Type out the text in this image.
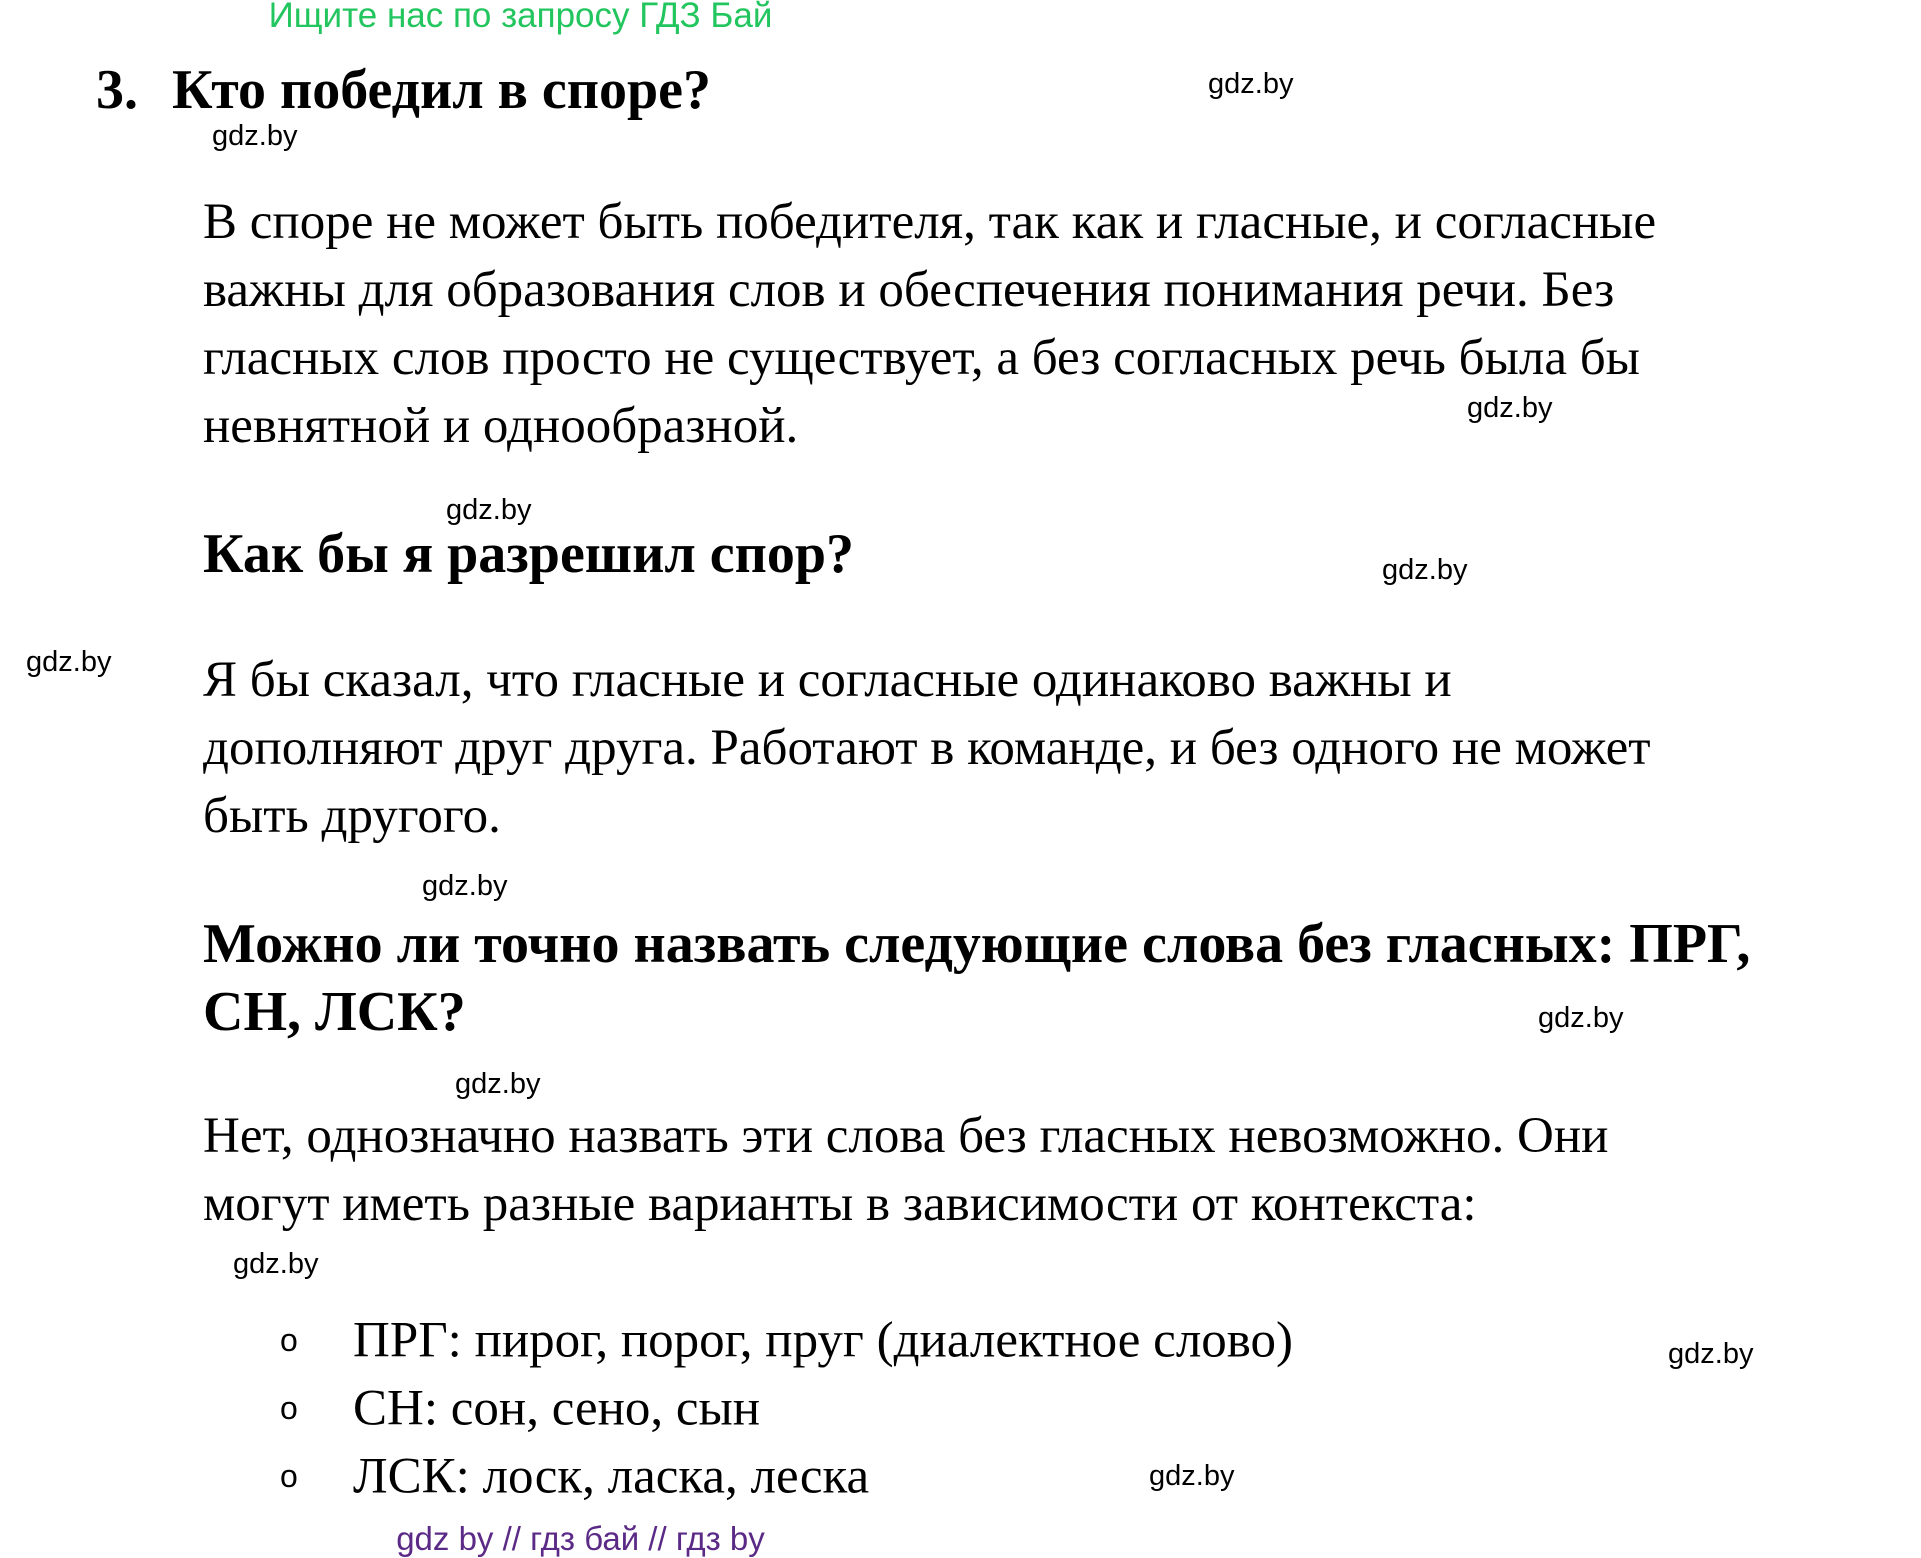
Ищите нас по запросу ГДЗ Бай
3. Кто победил в споре?
В споре не может быть победителя, так как и гласные, и согласные
важны для образования слов и обеспечения понимания речи. Без
гласных слов просто не существует, а без согласных речь была бы
невнятной и однообразной.
Как бы я разрешил спор?
Я бы сказал, что гласные и согласные одинаково важны и
дополняют друг друга. Работают в команде, и без одного не может
быть другого.
Можно ли точно назвать следующие слова без гласных: ПРГ,
СН, ЛСК?
Нет, однозначно назвать эти слова без гласных невозможно. Они
могут иметь разные варианты в зависимости от контекста:
o ПРГ: пирог, порог, пруг (диалектное слово)
o СН: сон, сено, сын
o ЛСК: лоск, ласка, леска
gdz.by
gdz.by
gdz.by
gdz.by
gdz.by
gdz.by
gdz.by
gdz.by
gdz.by
gdz.by
gdz.by
gdz.by
gdz by // гдз бай // гдз by
